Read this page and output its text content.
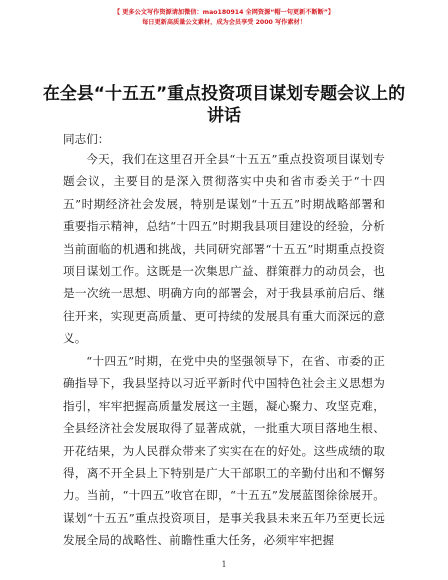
【 更多公文写作资源请加微信：mao180914 全网资源“帽一句更新不断断”】
每日更新高质量公文素材，成为会员享受 2000 写作素材！
在全县“十五五”重点投资项目谋划专题会议上的讲话
同志们：

今天，我们在这里召开全县“十五五”重点投资项目谋划专题会议，主要目的是深入贯彻落实中央和省市委关于“十四五”时期经济社会发展，特别是谋划“十五五”时期战略部署和重要指示精神，总结“十四五”时期我县项目建设的经验，分析当前面临的机遇和挑战，共同研究部署“十五五”时期重点投资项目谋划工作。这既是一次集思广益、群策群力的动员会，也是一次统一思想、明确方向的部署会，对于我县承前启后、继往开来，实现更高质量、更可持续的发展具有重大而深远的意义。

“十四五”时期，在党中央的坚强领导下，在省、市委的正确指导下，我县坚持以习近平新时代中国特色社会主义思想为指引，牢牢把握高质量发展这一主题，凝心聚力、攻坚克难，全县经济社会发展取得了显著成就，一批重大项目落地生根、开花结果，为人民群众带来了实实在在的好处。这些成绩的取得，离不开全县上下特别是广大干部职工的辛勤付出和不懈努力。当前，“十四五”收官在即，“十五五”发展蓝图徐徐展开。谋划“十五五”重点投资项目，是事关我县未来五年乃至更长远发展全局的战略性、前瞻性重大任务，必须牢牢把握

1
